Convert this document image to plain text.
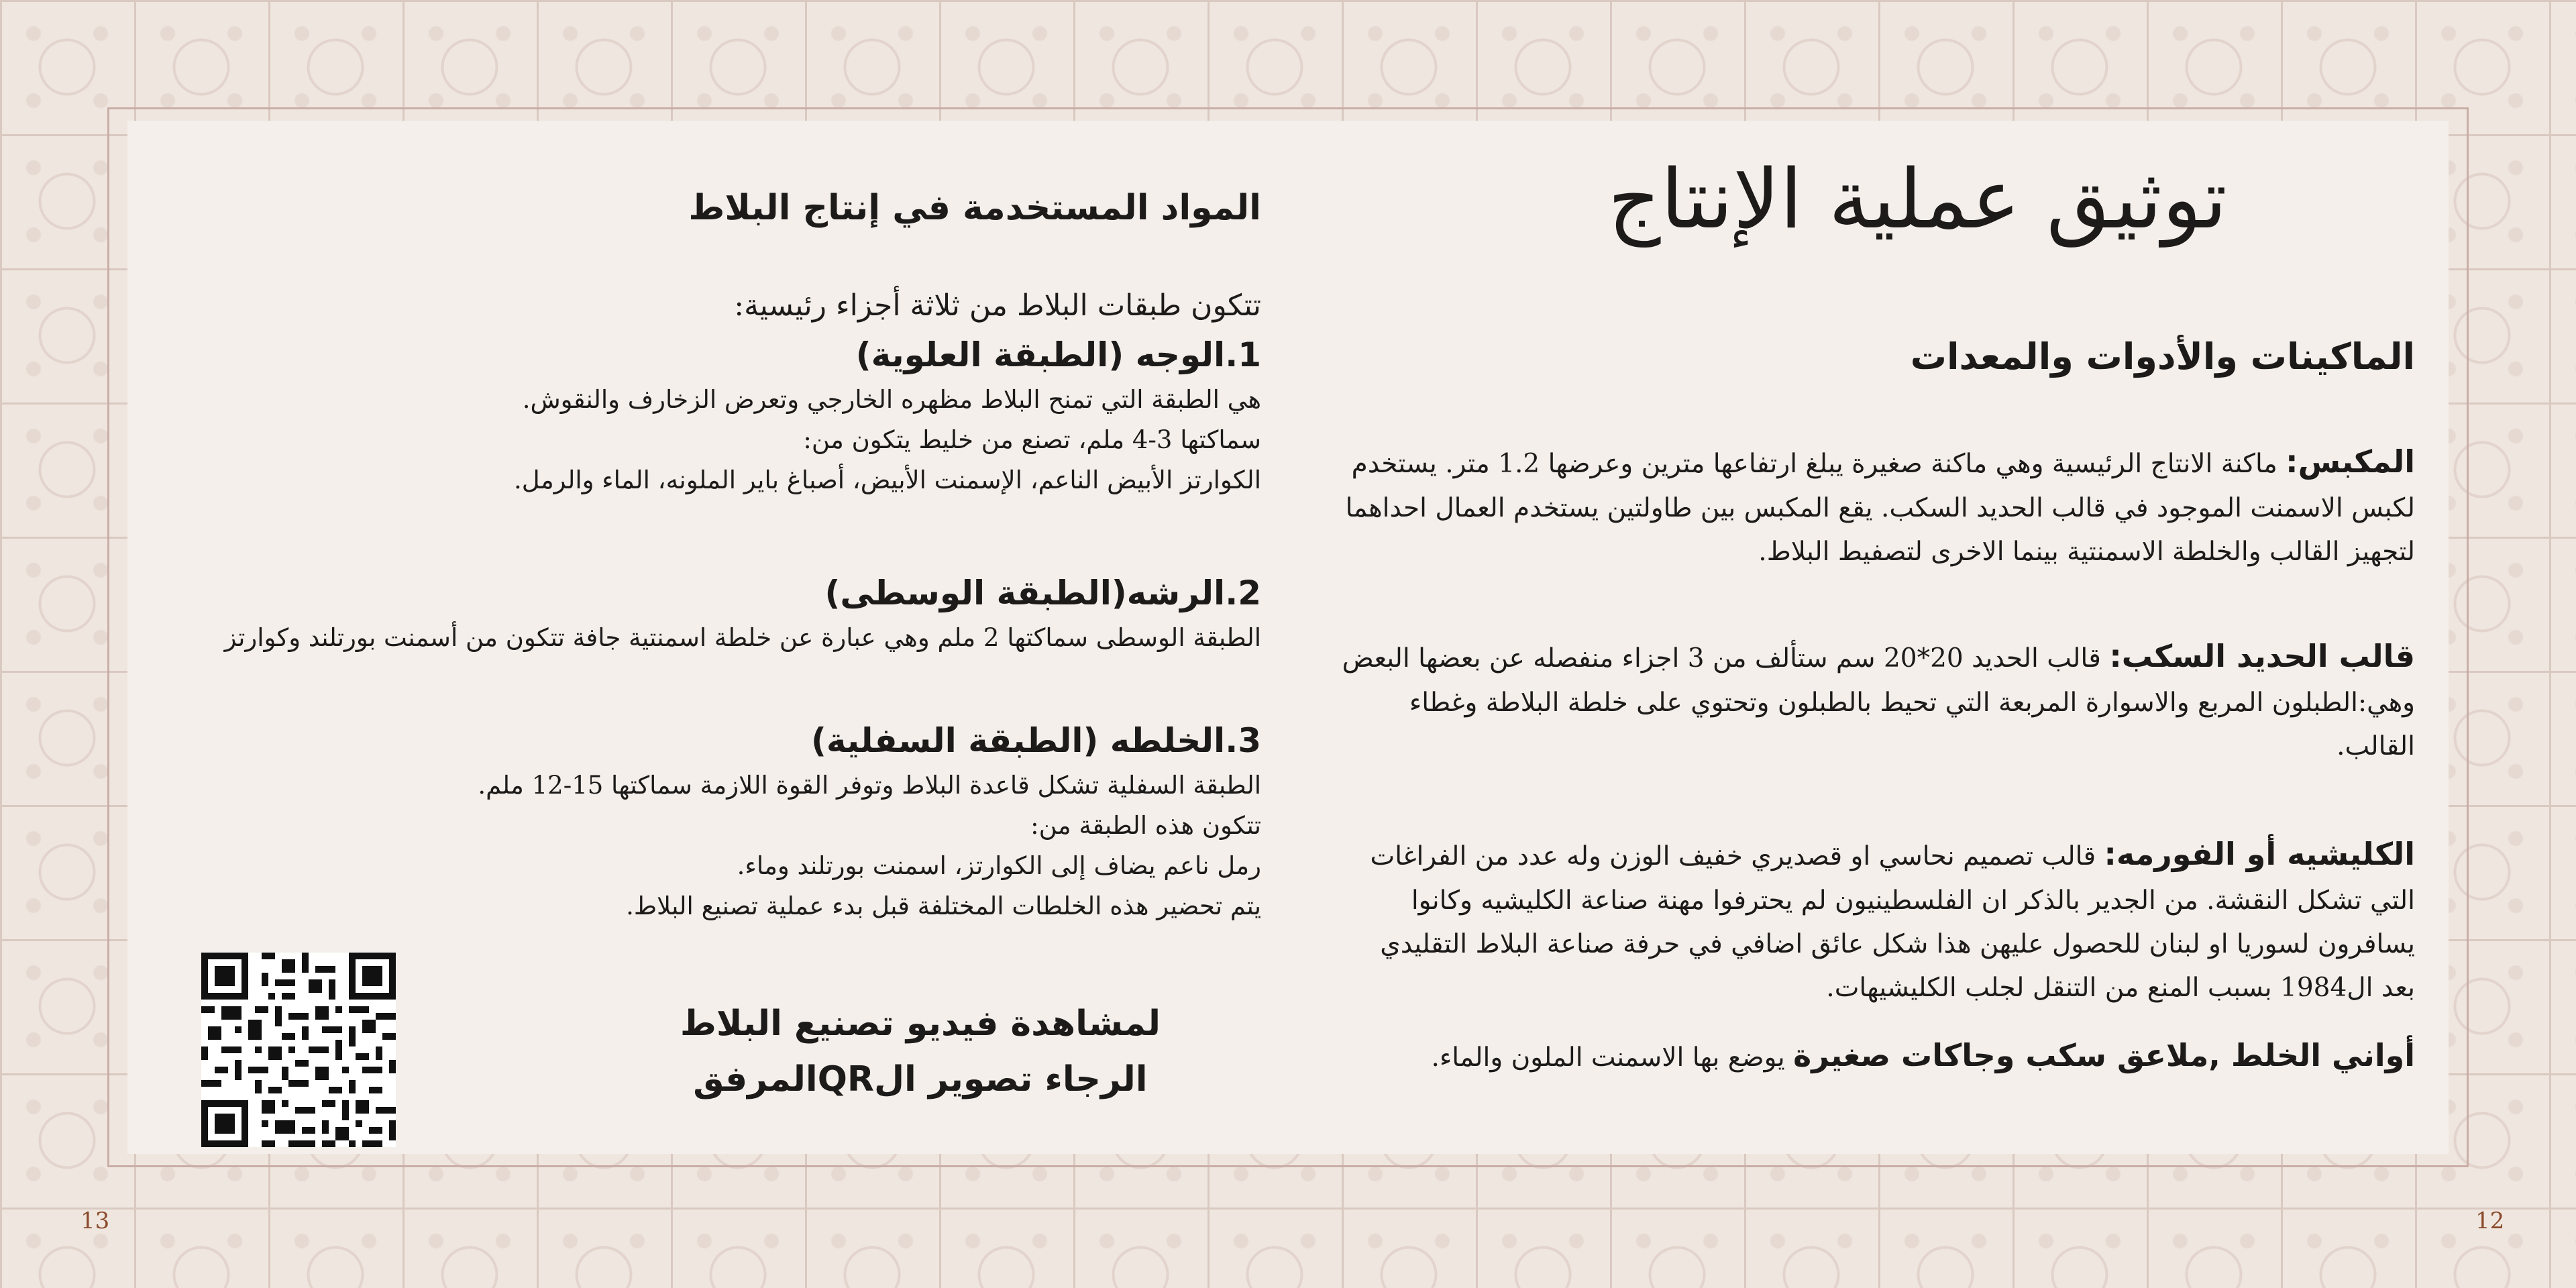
توثيق عملية الإنتاج
الماكينات والأدوات والمعدات

المكبس: ماكنة الانتاج الرئيسية وهي ماكنة صغيرة يبلغ ارتفاعها مترين وعرضها 1.2 متر. يستخدم لكبس الاسمنت الموجود في قالب الحديد السكب. يقع المكبس بين طاولتين يستخدم العمال احداهما لتجهيز القالب والخلطة الاسمنتية بينما الاخرى لتصفيط البلاط.

قالب الحديد السكب: قالب الحديد 20*20 سم ستألف من 3 اجزاء منفصله عن بعضها البعض وهي:الطبلون المربع والاسوارة المربعة التي تحيط بالطبلون وتحتوي على خلطة البلاطة وغطاء القالب.

الكليشيه أو الفورمه: قالب تصميم نحاسي او قصديري خفيف الوزن وله عدد من الفراغات التي تشكل النقشة. من الجدير بالذكر ان الفلسطينيون لم يحترفوا مهنة صناعة الكليشيه وكانوا يسافرون لسوريا او لبنان للحصول عليهن هذا شكل عائق اضافي في حرفة صناعة البلاط التقليدي بعد ال1984 بسبب المنع من التنقل لجلب الكليشيهات.

أواني الخلط ,ملاعق سكب وجاكات صغيرة يوضع بها الاسمنت الملون والماء.

المواد المستخدمة في إنتاج البلاط

تتكون طبقات البلاط من ثلاثة أجزاء رئيسية:

1.الوجه (الطبقة العلوية)

هي الطبقة التي تمنح البلاط مظهره الخارجي وتعرض الزخارف والنقوش.

سماكتها 3-4 ملم، تصنع من خليط يتكون من:

الكوارتز الأبيض الناعم، الإسمنت الأبيض، أصباغ باير الملونه، الماء والرمل.

2.الرشه(الطبقة الوسطى)

الطبقة الوسطى سماكتها 2 ملم وهي عبارة عن خلطة اسمنتية جافة تتكون من أسمنت بورتلند وكوارتز

3.الخلطه (الطبقة السفلية)

الطبقة السفلية تشكل قاعدة البلاط وتوفر القوة اللازمة سماكتها 15-12 ملم.

تتكون هذه الطبقة من:

رمل ناعم يضاف إلى الكوارتز، اسمنت بورتلند وماء.

يتم تحضير هذه الخلطات المختلفة قبل بدء عملية تصنيع البلاط.

لمشاهدة فيديو تصنيع البلاط
الرجاء تصوير الQRالمرفق

13	12
